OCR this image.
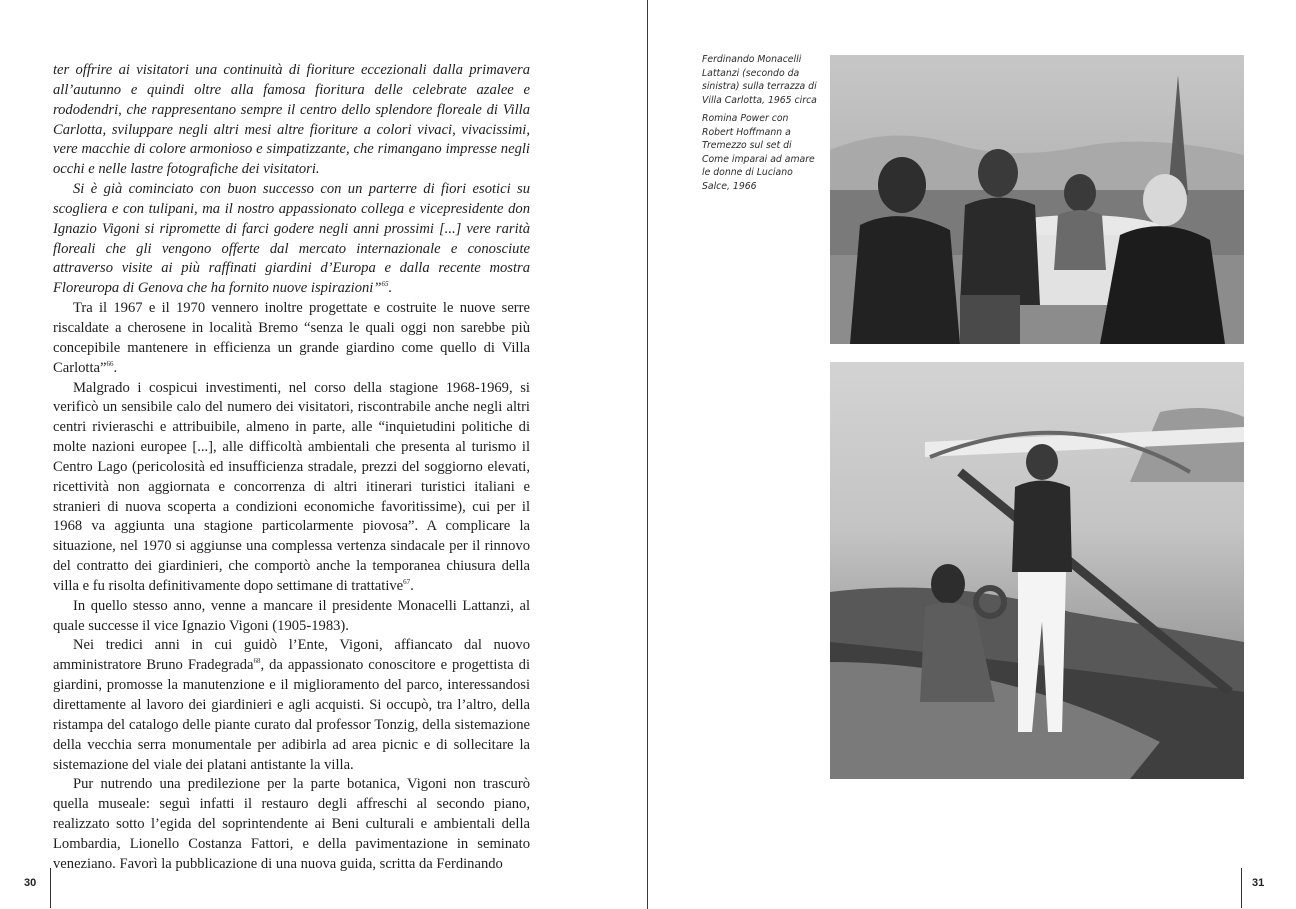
ter offrire ai visitatori una continuità di fioriture eccezionali dalla primavera all’autunno e quindi oltre alla famosa fioritura delle celebrate azalee e rododendri, che rappresentano sempre il centro dello splendore floreale di Villa Carlotta, sviluppare negli altri mesi altre fioriture a colori vivaci, vivacissimi, vere macchie di colore armonioso e simpatizzante, che rimangano impresse negli occhi e nelle lastre fotografiche dei visitatori.

Si è già cominciato con buon successo con un parterre di fiori esotici su scogliera e con tulipani, ma il nostro appassionato collega e vicepresidente don Ignazio Vigoni si ripromette di farci godere negli anni prossimi [...] vere rarità floreali che gli vengono offerte dal mercato internazionale e conosciute attraverso visite ai più raffinati giardini d’Europa e dalla recente mostra Floreuropa di Genova che ha fornito nuove ispirazioni”$^{65}$.

Tra il 1967 e il 1970 vennero inoltre progettate e costruite le nuove serre riscaldate a cherosene in località Bremo “senza le quali oggi non sarebbe più concepibile mantenere in efficienza un grande giardino come quello di Villa Carlotta”$^{66}$.

Malgrado i cospicui investimenti, nel corso della stagione 1968-1969, si verificò un sensibile calo del numero dei visitatori, riscontrabile anche negli altri centri rivieraschi e attribuibile, almeno in parte, alle “inquietudini politiche di molte nazioni europee [...], alle difficoltà ambientali che presenta al turismo il Centro Lago (pericolosità ed insufficienza stradale, prezzi del soggiorno elevati, ricettività non aggiornata e concorrenza di altri itinerari turistici italiani e stranieri di nuova scoperta a condizioni economiche favoritissime), cui per il 1968 va aggiunta una stagione particolarmente piovosa”. A complicare la situazione, nel 1970 si aggiunse una complessa vertenza sindacale per il rinnovo del contratto dei giardinieri, che comportò anche la temporanea chiusura della villa e fu risolta definitivamente dopo settimane di trattative$^{67}$.

In quello stesso anno, venne a mancare il presidente Monacelli Lattanzi, al quale successe il vice Ignazio Vigoni (1905-1983).

Nei tredici anni in cui guidò l’Ente, Vigoni, affiancato dal nuovo amministratore Bruno Fradegrada$^{68}$, da appassionato conoscitore e progettista di giardini, promosse la manutenzione e il miglioramento del parco, interessandosi direttamente al lavoro dei giardinieri e agli acquisti. Si occupò, tra l’altro, della ristampa del catalogo delle piante curato dal professor Tonzig, della sistemazione della vecchia serra monumentale per adibirla ad area picnic e di sollecitare la sistemazione del viale dei platani antistante la villa.

Pur nutrendo una predilezione per la parte botanica, Vigoni non trascurò quella museale: seguì infatti il restauro degli affreschi al secondo piano, realizzato sotto l’egida del soprintendente ai Beni culturali e ambientali della Lombardia, Lionello Costanza Fattori, e della pavimentazione in seminato veneziano. Favorì la pubblicazione di una nuova guida, scritta da Ferdinando

30
Ferdinando Monacelli Lattanzi (secondo da sinistra) sulla terrazza di Villa Carlotta, 1965 circa
Romina Power con Robert Hoffmann a Tremezzo sul set di Come imparai ad amare le donne di Luciano Salce, 1966
31
